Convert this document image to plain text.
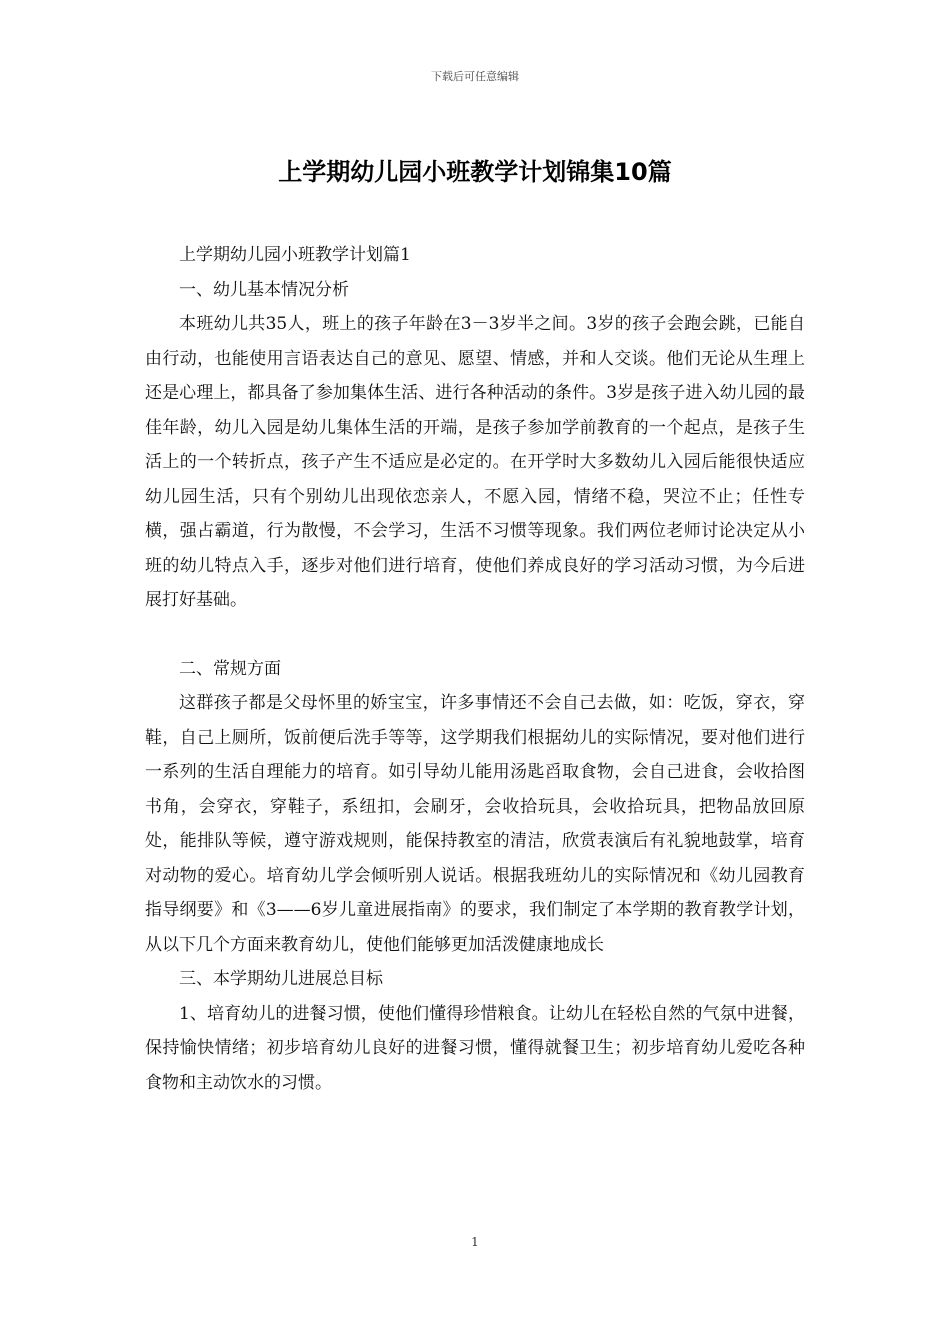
下载后可任意编辑
上学期幼儿园小班教学计划锦集10篇

上学期幼儿园小班教学计划篇1

一、幼儿基本情况分析

本班幼儿共35人，班上的孩子年龄在3－3岁半之间。3岁的孩子会跑会跳，已能自由行动，也能使用言语表达自己的意见、愿望、情感，并和人交谈。他们无论从生理上还是心理上，都具备了参加集体生活、进行各种活动的条件。3岁是孩子进入幼儿园的最佳年龄，幼儿入园是幼儿集体生活的开端，是孩子参加学前教育的一个起点，是孩子生活上的一个转折点，孩子产生不适应是必定的。在开学时大多数幼儿入园后能很快适应幼儿园生活，只有个别幼儿出现依恋亲人，不愿入园，情绪不稳，哭泣不止；任性专横，强占霸道，行为散慢，不会学习，生活不习惯等现象。我们两位老师讨论决定从小班的幼儿特点入手，逐步对他们进行培育，使他们养成良好的学习活动习惯，为今后进展打好基础。

二、常规方面

这群孩子都是父母怀里的娇宝宝，许多事情还不会自己去做，如：吃饭，穿衣，穿鞋，自己上厕所，饭前便后洗手等等，这学期我们根据幼儿的实际情况，要对他们进行一系列的生活自理能力的培育。如引导幼儿能用汤匙舀取食物，会自己进食，会收拾图书角，会穿衣，穿鞋子，系纽扣，会刷牙，会收拾玩具，会收拾玩具，把物品放回原处，能排队等候，遵守游戏规则，能保持教室的清洁，欣赏表演后有礼貌地鼓掌，培育对动物的爱心。培育幼儿学会倾听别人说话。根据我班幼儿的实际情况和《幼儿园教育指导纲要》和《3——6岁儿童进展指南》的要求，我们制定了本学期的教育教学计划，从以下几个方面来教育幼儿，使他们能够更加活泼健康地成长

三、本学期幼儿进展总目标

1、培育幼儿的进餐习惯，使他们懂得珍惜粮食。让幼儿在轻松自然的气氛中进餐，保持愉快情绪；初步培育幼儿良好的进餐习惯，懂得就餐卫生；初步培育幼儿爱吃各种食物和主动饮水的习惯。

1
